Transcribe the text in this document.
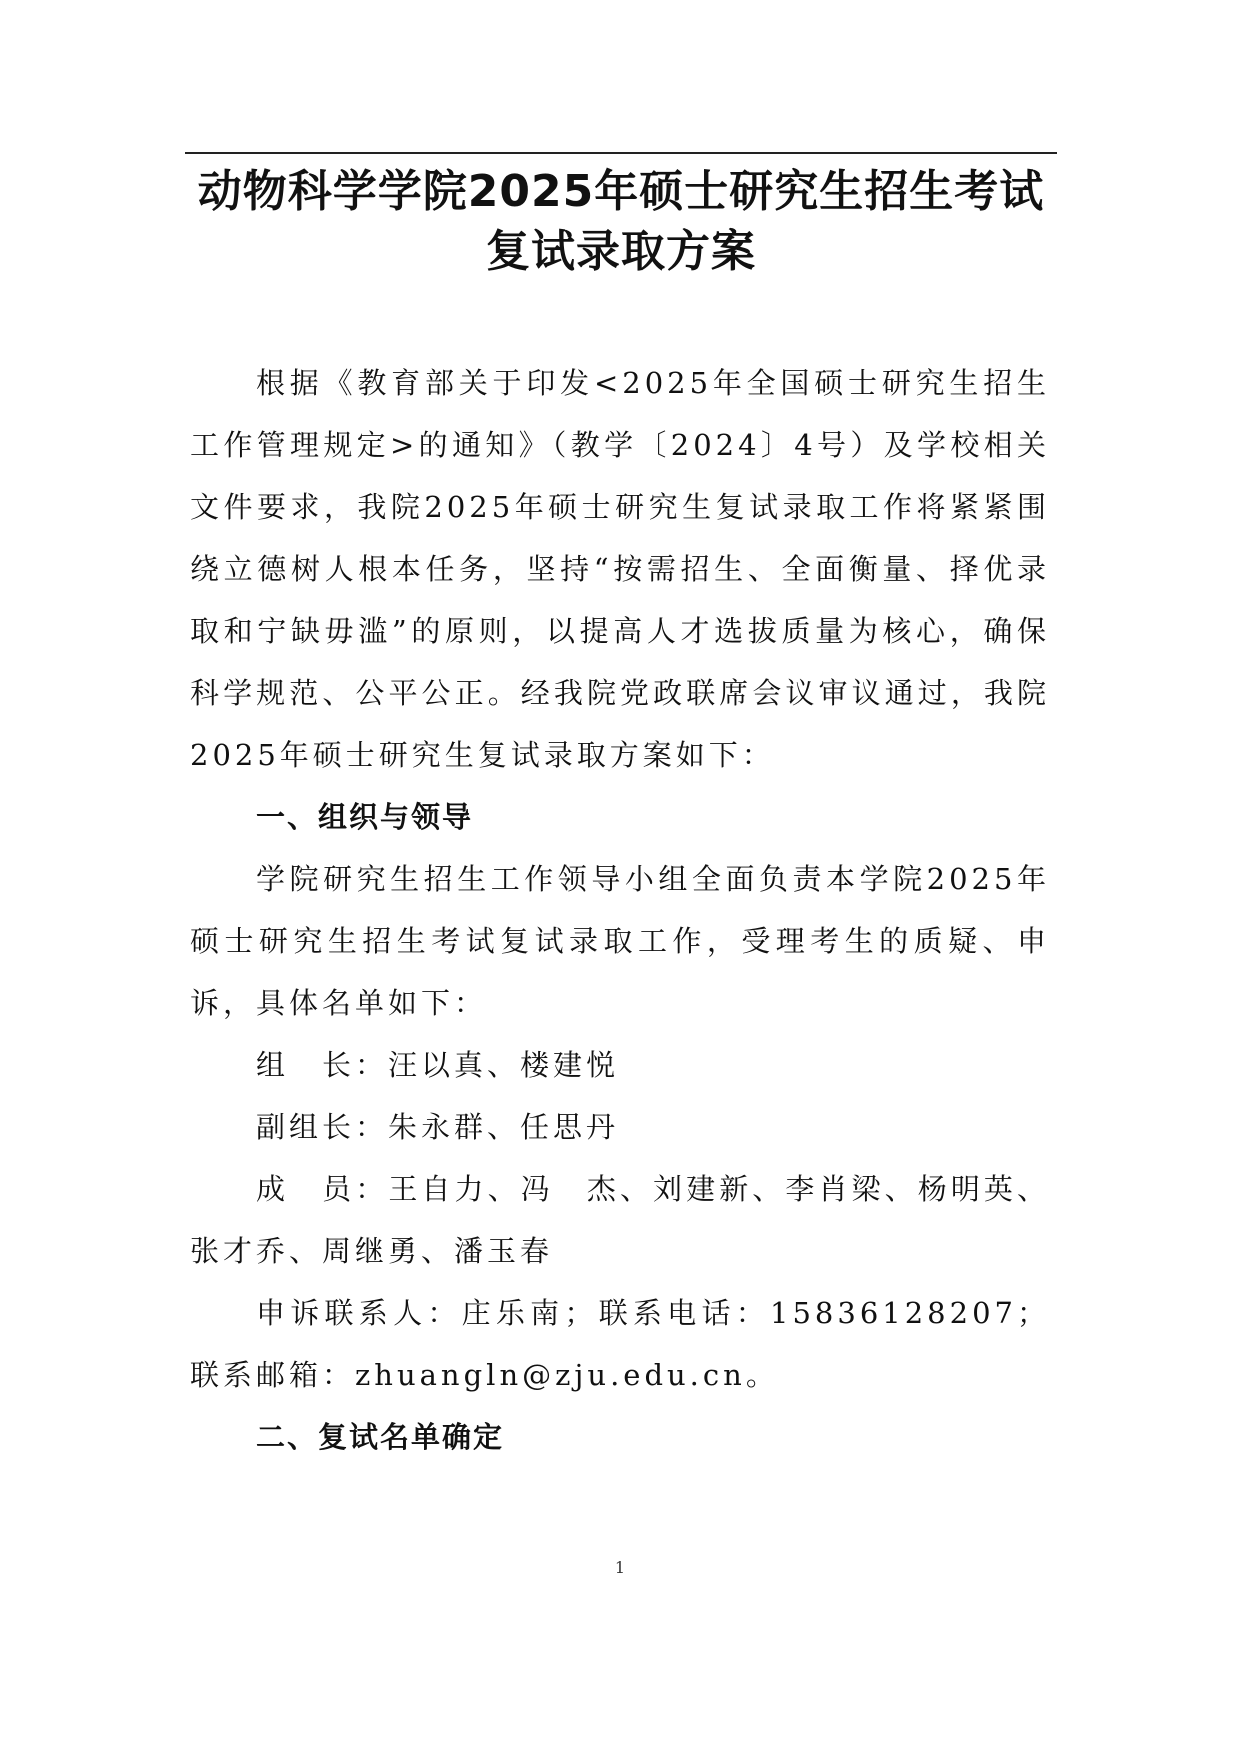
动物科学学院2025年硕士研究生招生考试
复试录取方案

根据《教育部关于印发<2025年全国硕士研究生招生工作管理规定>的通知》（教学〔2024〕4号）及学校相关文件要求，我院2025年硕士研究生复试录取工作将紧紧围绕立德树人根本任务，坚持“按需招生、全面衡量、择优录取和宁缺毋滥”的原则，以提高人才选拔质量为核心，确保科学规范、公平公正。经我院党政联席会议审议通过，我院2025年硕士研究生复试录取方案如下：

一、组织与领导

学院研究生招生工作领导小组全面负责本学院2025年硕士研究生招生考试复试录取工作，受理考生的质疑、申诉，具体名单如下：

组　长：汪以真、楼建悦

副组长：朱永群、任思丹

成　员：王自力、冯　杰、刘建新、李肖梁、杨明英、张才乔、周继勇、潘玉春

申诉联系人：庄乐南；联系电话：15836128207；联系邮箱：zhuangln@zju.edu.cn。

二、复试名单确定

1
